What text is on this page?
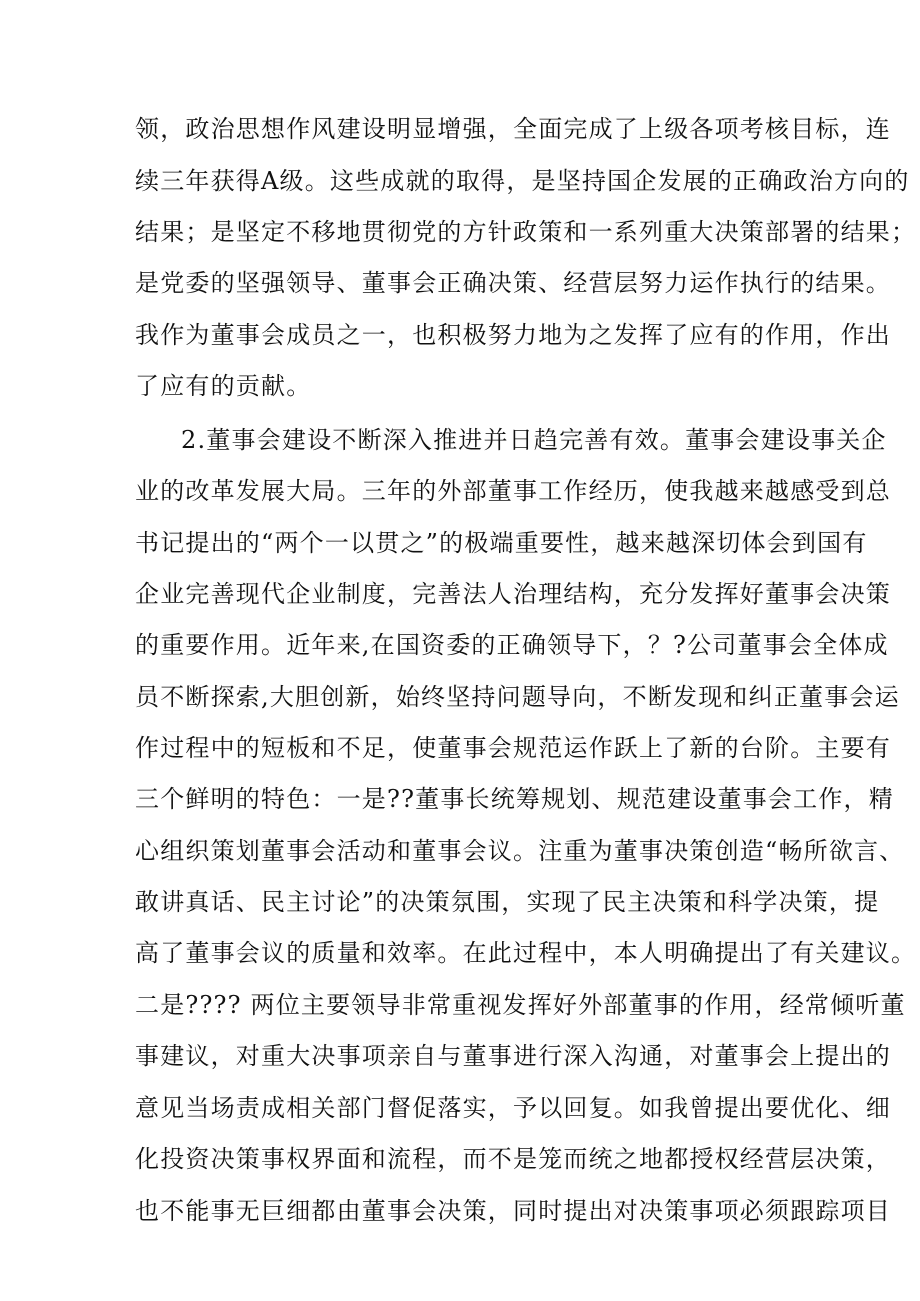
领，政治思想作风建设明显增强，全面完成了上级各项考核目标，连
续三年获得A级。这些成就的取得，是坚持国企发展的正确政治方向的
结果；是坚定不移地贯彻党的方针政策和一系列重大决策部署的结果；
是党委的坚强领导、董事会正确决策、经营层努力运作执行的结果。
我作为董事会成员之一，也积极努力地为之发挥了应有的作用，作出
了应有的贡献。
2.董事会建设不断深入推进并日趋完善有效。董事会建设事关企
业的改革发展大局。三年的外部董事工作经历，使我越来越感受到总
书记提出的“两个一以贯之”的极端重要性，越来越深切体会到国有
企业完善现代企业制度，完善法人治理结构，充分发挥好董事会决策
的重要作用。近年来,在国资委的正确领导下，？?公司董事会全体成
员不断探索,大胆创新，始终坚持问题导向，不断发现和纠正董事会运
作过程中的短板和不足，使董事会规范运作跃上了新的台阶。主要有
三个鲜明的特色：一是??董事长统筹规划、规范建设董事会工作，精
心组织策划董事会活动和董事会议。注重为董事决策创造“畅所欲言、
敢讲真话、民主讨论”的决策氛围，实现了民主决策和科学决策，提
高了董事会议的质量和效率。在此过程中，本人明确提出了有关建议。
二是???? 两位主要领导非常重视发挥好外部董事的作用，经常倾听董
事建议，对重大决事项亲自与董事进行深入沟通，对董事会上提出的
意见当场责成相关部门督促落实，予以回复。如我曾提出要优化、细
化投资决策事权界面和流程，而不是笼而统之地都授权经营层决策，
也不能事无巨细都由董事会决策，同时提出对决策事项必须跟踪项目
